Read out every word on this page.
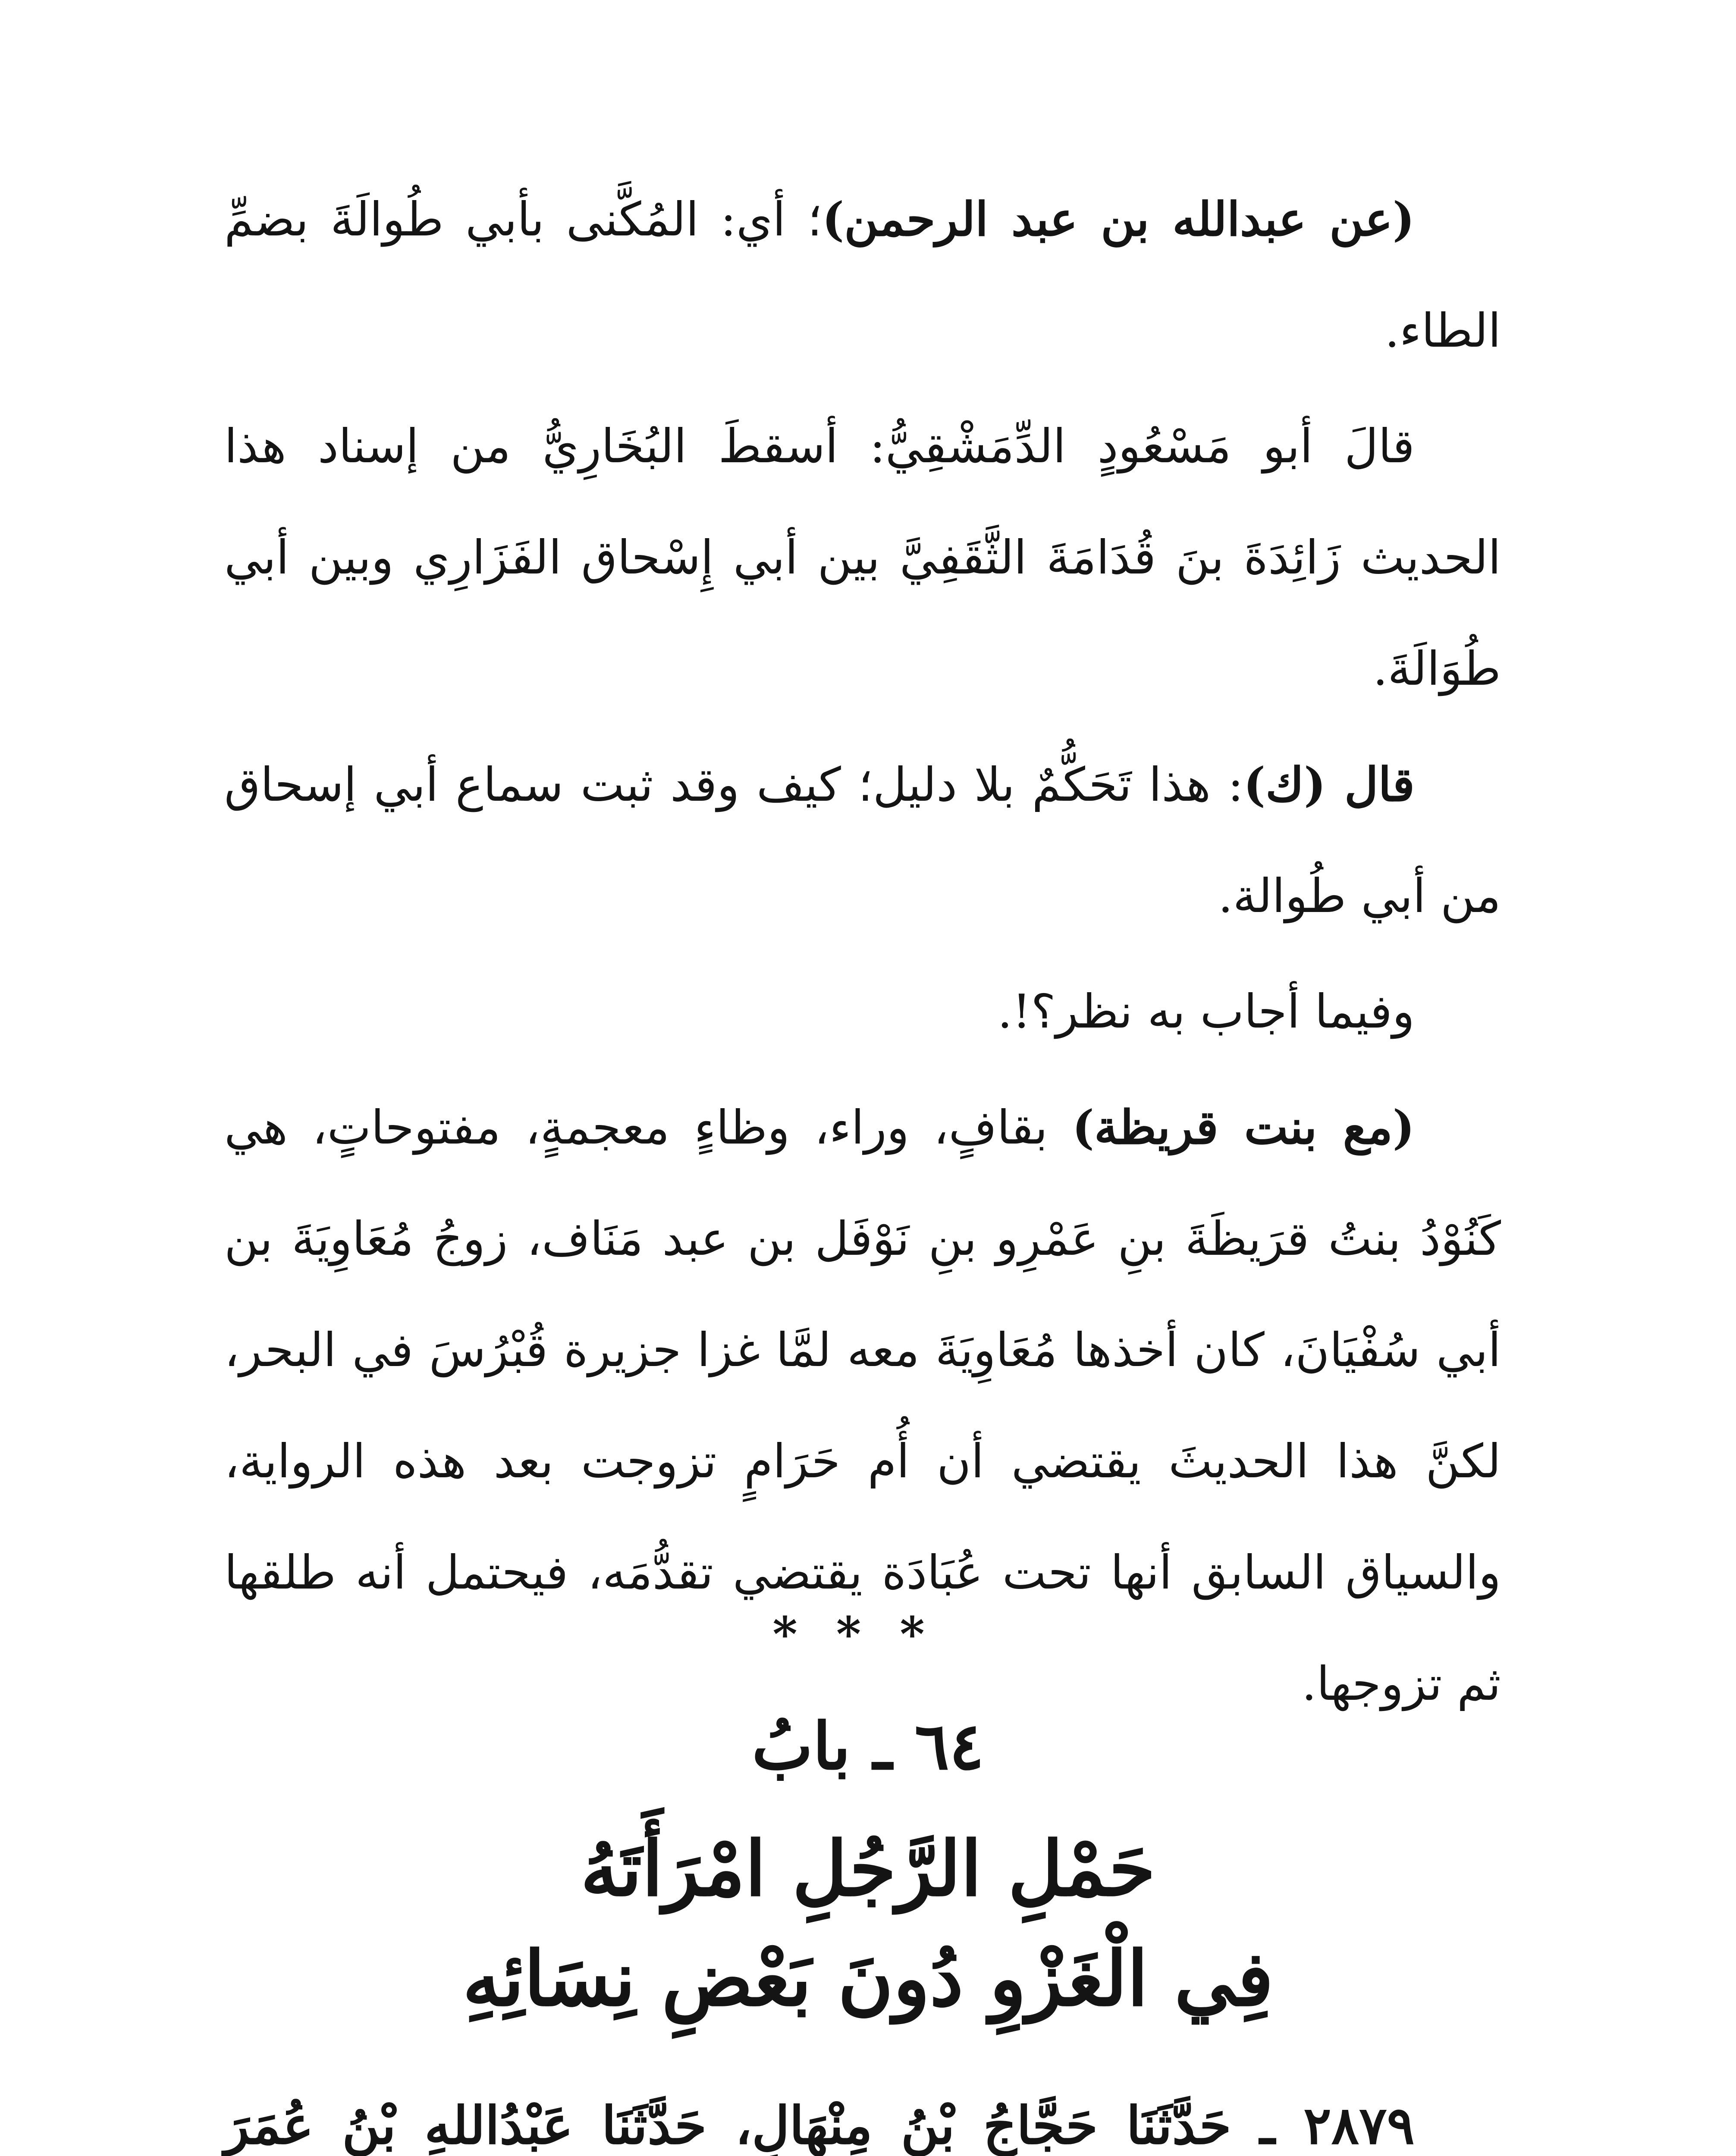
(عن عبدالله بن عبد الرحمن)؛ أي: المُكَّنى بأبي طُوالَةَ بضمِّ الطاء.

قالَ أبو مَسْعُودٍ الدِّمَشْقِيُّ: أسقطَ البُخَارِيُّ من إسناد هذا الحديث زَائِدَةَ بنَ قُدَامَةَ الثَّقَفِيَّ بين أبي إِسْحاق الفَزَارِي وبين أبي طُوَالَةَ.

قال (ك): هذا تَحَكُّمٌ بلا دليل؛ كيف وقد ثبت سماع أبي إسحاق من أبي طُوالة.

وفيما أجاب به نظر؟!.

(مع بنت قريظة) بقافٍ، وراء، وظاءٍ معجمةٍ، مفتوحاتٍ، هي كَنُوْدُ بنتُ قرَيظَةَ بنِ عَمْرِو بنِ نَوْفَل بن عبد مَنَاف، زوجُ مُعَاوِيَةَ بن أبي سُفْيَانَ، كان أخذها مُعَاوِيَةَ معه لمَّا غزا جزيرة قُبْرُسَ في البحر، لكنَّ هذا الحديثَ يقتضي أن أُم حَرَامٍ تزوجت بعد هذه الرواية، والسياق السابق أنها تحت عُبَادَة يقتضي تقدُّمَه، فيحتمل أنه طلقها ثم تزوجها.

***
٦٤ ـ بابُ
حَمْلِ الرَّجُلِ امْرَأَتَهُ
فِي الْغَزْوِ دُونَ بَعْضِ نِسَائِهِ

٢٨٧٩ ـ حَدَّثَنَا حَجَّاجُ بْنُ مِنْهَالٍ، حَدَّثَنَا عَبْدُاللهِ بْنُ عُمَرَ
